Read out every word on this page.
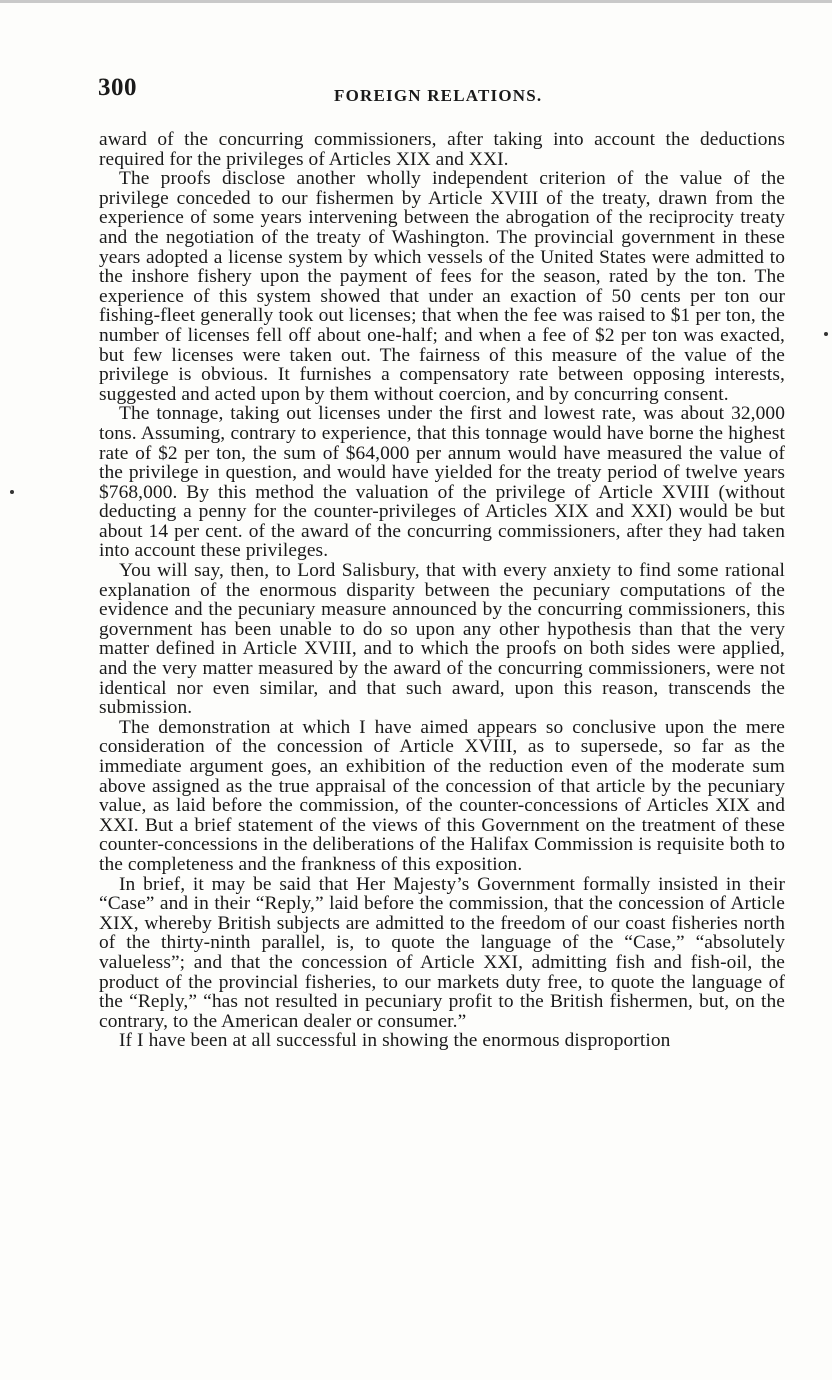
300	FOREIGN RELATIONS.

award of the concurring commissioners, after taking into account the deductions required for the privileges of Articles XIX and XXI.

The proofs disclose another wholly independent criterion of the value of the privilege conceded to our fishermen by Article XVIII of the treaty, drawn from the experience of some years intervening between the abrogation of the reciprocity treaty and the negotiation of the treaty of Washington. The provincial government in these years adopted a license system by which vessels of the United States were admitted to the inshore fishery upon the payment of fees for the season, rated by the ton. The experience of this system showed that under an exaction of 50 cents per ton our fishing-fleet generally took out licenses; that when the fee was raised to $1 per ton, the number of licenses fell off about one-half; and when a fee of $2 per ton was exacted, but few licenses were taken out. The fairness of this measure of the value of the privilege is obvious. It furnishes a compensatory rate between opposing interests, suggested and acted upon by them without coercion, and by concurring consent.

The tonnage, taking out licenses under the first and lowest rate, was about 32,000 tons. Assuming, contrary to experience, that this tonnage would have borne the highest rate of $2 per ton, the sum of $64,000 per annum would have measured the value of the privilege in question, and would have yielded for the treaty period of twelve years $768,000. By this method the valuation of the privilege of Article XVIII (without deducting a penny for the counter-privileges of Articles XIX and XXI) would be but about 14 per cent. of the award of the concurring commissioners, after they had taken into account these privileges.

You will say, then, to Lord Salisbury, that with every anxiety to find some rational explanation of the enormous disparity between the pecuniary computations of the evidence and the pecuniary measure announced by the concurring commissioners, this government has been unable to do so upon any other hypothesis than that the very matter defined in Article XVIII, and to which the proofs on both sides were applied, and the very matter measured by the award of the concurring commissioners, were not identical nor even similar, and that such award, upon this reason, transcends the submission.

The demonstration at which I have aimed appears so conclusive upon the mere consideration of the concession of Article XVIII, as to supersede, so far as the immediate argument goes, an exhibition of the reduction even of the moderate sum above assigned as the true appraisal of the concession of that article by the pecuniary value, as laid before the commission, of the counter-concessions of Articles XIX and XXI. But a brief statement of the views of this Government on the treatment of these counter-concessions in the deliberations of the Halifax Commission is requisite both to the completeness and the frankness of this exposition.

In brief, it may be said that Her Majesty’s Government formally insisted in their “Case” and in their “Reply,” laid before the commission, that the concession of Article XIX, whereby British subjects are admitted to the freedom of our coast fisheries north of the thirty-ninth parallel, is, to quote the language of the “Case,” “absolutely valueless”; and that the concession of Article XXI, admitting fish and fish-oil, the product of the provincial fisheries, to our markets duty free, to quote the language of the “Reply,” “has not resulted in pecuniary profit to the British fishermen, but, on the contrary, to the American dealer or consumer.”

If I have been at all successful in showing the enormous disproportion
